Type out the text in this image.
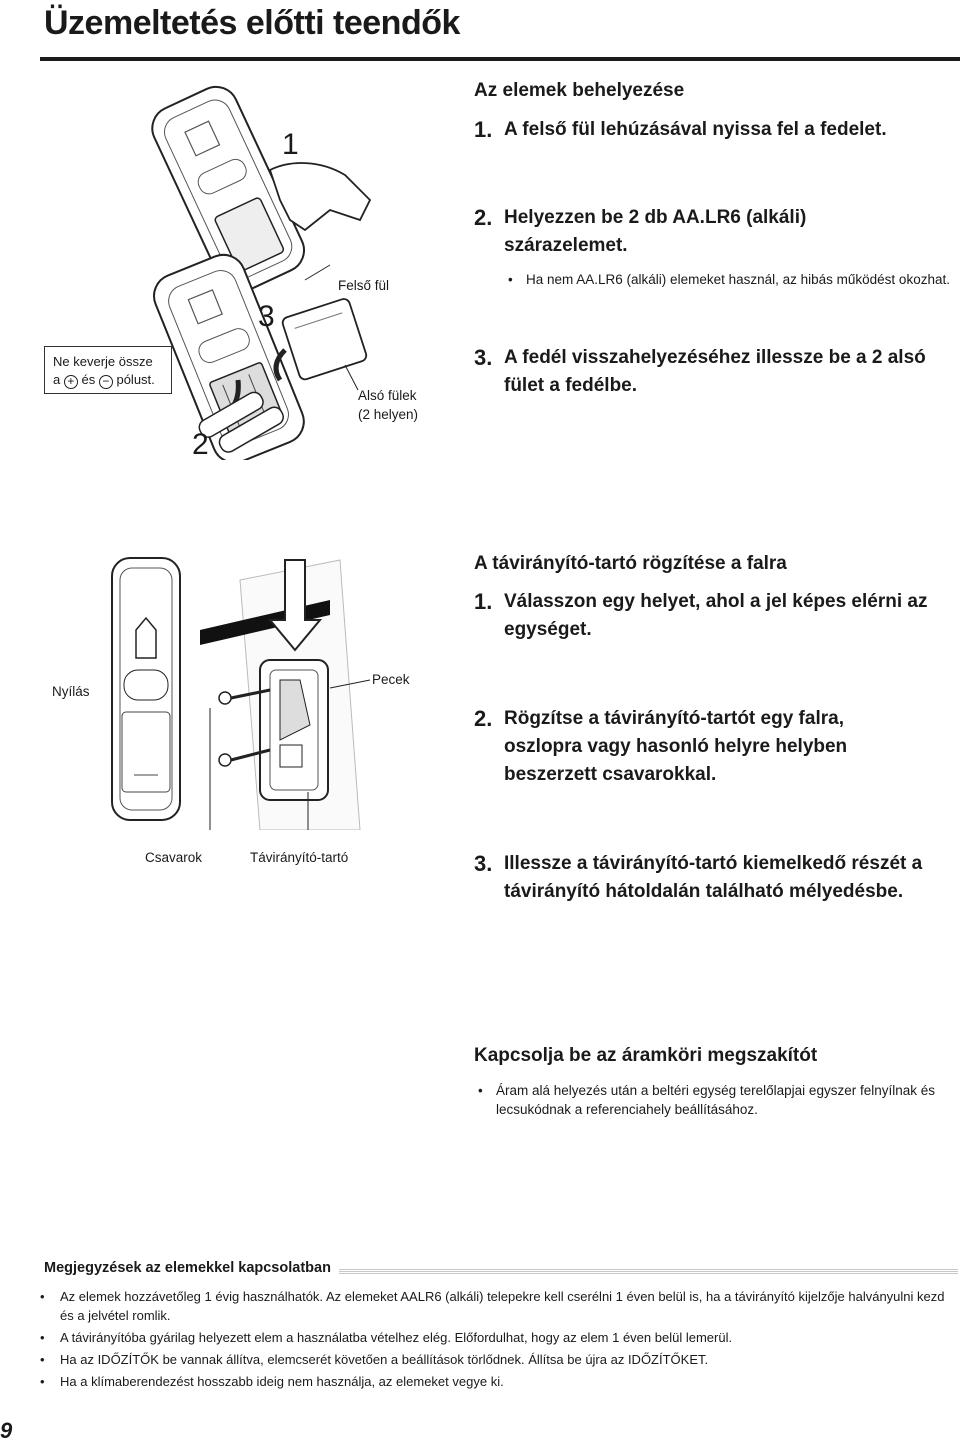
Üzemeltetés előtti teendők
1
3
2
Felső fül
Alsó fülek
(2 helyen)
Ne keverje össze
a + és − pólust.
Az elemek behelyezése
1. A felső fül lehúzásával nyissa fel a fedelet.
2. Helyezzen be 2 db AA.LR6 (alkáli) szárazelemet.
• Ha nem AA.LR6 (alkáli) elemeket használ, az hibás működést okozhat.
3. A fedél visszahelyezéséhez illessze be a 2 alsó fület a fedélbe.
Nyílás
Pecek
Csavarok	Távirányító-tartó
A távirányító-tartó rögzítése a falra
1. Válasszon egy helyet, ahol a jel képes elérni az egységet.
2. Rögzítse a távirányító-tartót egy falra, oszlopra vagy hasonló helyre helyben beszerzett csavarokkal.
3. Illessze a távirányító-tartó kiemelkedő részét a távirányító hátoldalán található mélyedésbe.
Kapcsolja be az áramköri megszakítót
• Áram alá helyezés után a beltéri egység terelőlapjai egyszer felnyílnak és lecsukódnak a referenciahely beállításához.
Megjegyzések az elemekkel kapcsolatban
•	Az elemek hozzávetőleg 1 évig használhatók. Az elemeket AALR6 (alkáli) telepekre kell cserélni 1 éven belül is, ha a távirányító kijelzője halványulni kezd és a jelvétel romlik.
•	A távirányítóba gyárilag helyezett elem a használatba vételhez elég. Előfordulhat, hogy az elem 1 éven belül lemerül.
•	Ha az IDŐZÍTŐK be vannak állítva, elemcserét követően a beállítások törlődnek. Állítsa be újra az IDŐZÍTŐKET.
•	Ha a klímaberendezést hosszabb ideig nem használja, az elemeket vegye ki.
9
